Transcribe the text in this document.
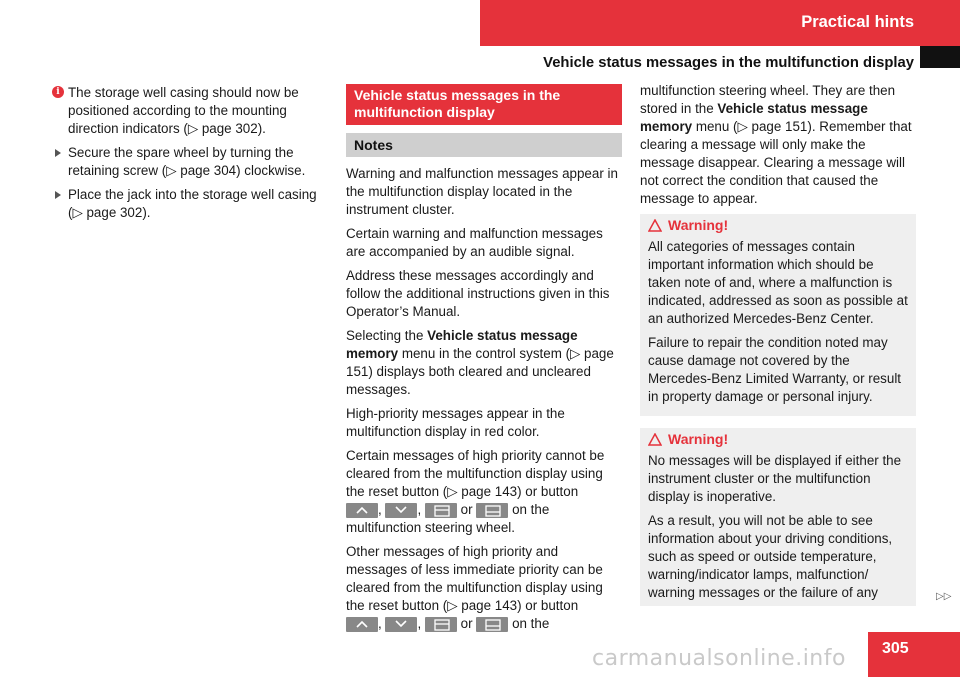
Practical hints
Vehicle status messages in the multifunction display
i The storage well casing should now be positioned according to the mounting direction indicators (▷ page 302).
Secure the spare wheel by turning the retaining screw (▷ page 304) clockwise.
Place the jack into the storage well casing (▷ page 302).
Vehicle status messages in the multifunction display
Notes

Warning and malfunction messages appear in the multifunction display located in the instrument cluster.

Certain warning and malfunction messages are accompanied by an audible signal.

Address these messages accordingly and follow the additional instructions given in this Operator’s Manual.

Selecting the Vehicle status message memory menu in the control system (▷ page 151) displays both cleared and uncleared messages.

High-priority messages appear in the multifunction display in red color.

Certain messages of high priority cannot be cleared from the multifunction display using the reset button (▷ page 143) or button

,	,	or	on the
multifunction steering wheel.

Other messages of high priority and messages of less immediate priority can be cleared from the multifunction display using the reset button (▷ page 143) or button

,	,	or	on the

multifunction steering wheel. They are then stored in the Vehicle status message memory menu (▷ page 151). Remember that clearing a message will only make the message disappear. Clearing a message will not correct the condition that caused the message to appear.

Warning!

All categories of messages contain important information which should be taken note of and, where a malfunction is indicated, addressed as soon as possible at an authorized Mercedes-Benz Center.

Failure to repair the condition noted may cause damage not covered by the Mercedes-Benz Limited Warranty, or result in property damage or personal injury.

Warning!

No messages will be displayed if either the instrument cluster or the multifunction display is inoperative.

As a result, you will not be able to see information about your driving conditions, such as speed or outside temperature, warning/indicator lamps, malfunction/ warning messages or the failure of any	▷▷
carmanualsonline.info	305
